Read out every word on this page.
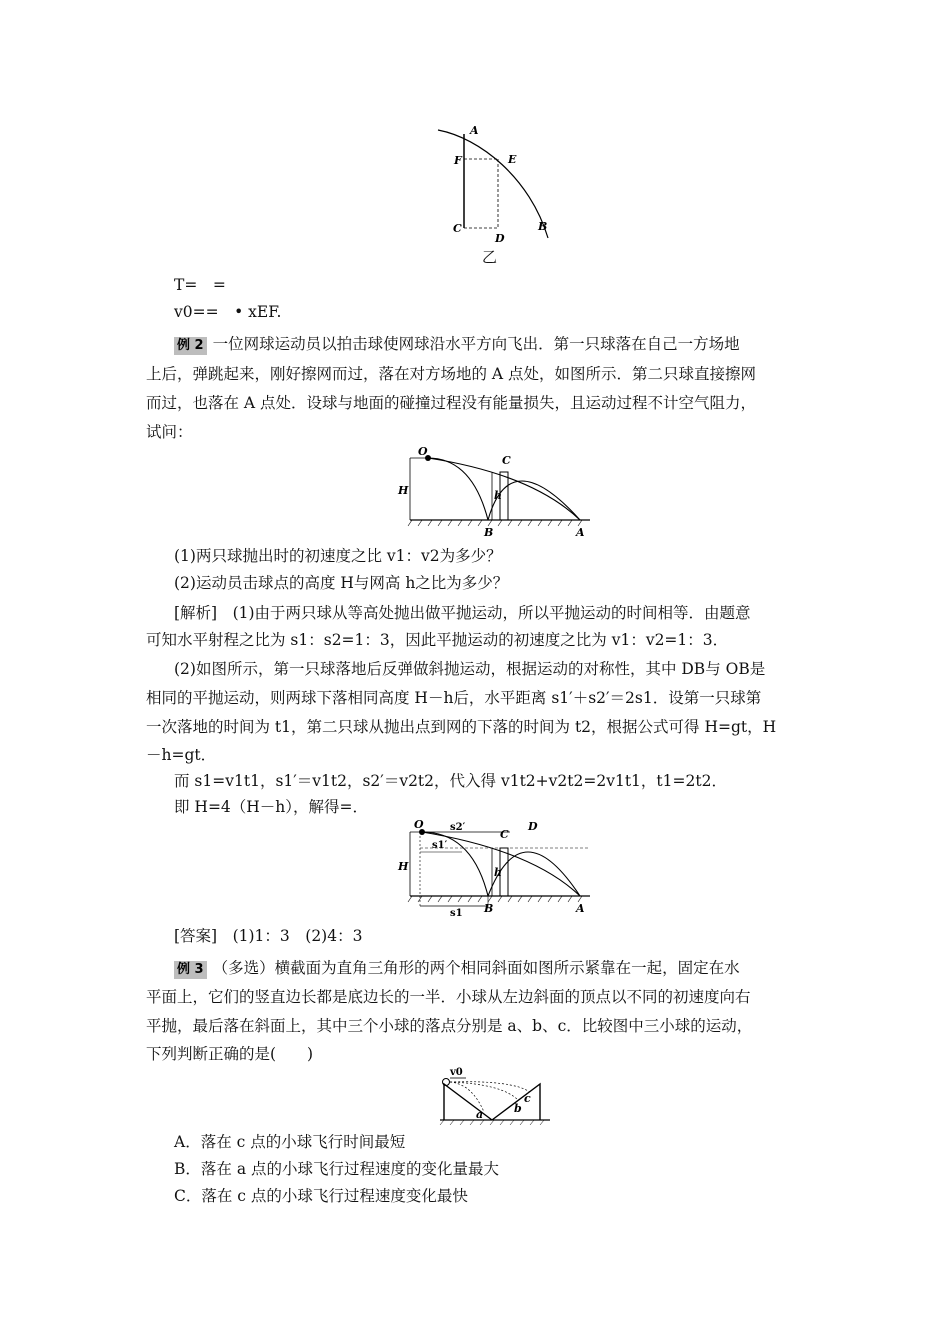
A
F	E
C
D
B
乙
T=　=
v0==　• xEF.
例 2 一位网球运动员以拍击球使网球沿水平方向飞出．第一只球落在自己一方场地
上后，弹跳起来，刚好擦网而过，落在对方场地的 A 点处，如图所示．第二只球直接擦网
而过，也落在 A 点处．设球与地面的碰撞过程没有能量损失，且运动过程不计空气阻力，
试问：
O
C
H	h
B	A
(1)两只球抛出时的初速度之比 v1：v2为多少？
(2)运动员击球点的高度 H与网高 h之比为多少？
[解析]　(1)由于两只球从等高处抛出做平抛运动，所以平抛运动的时间相等．由题意
可知水平射程之比为 s1：s2=1：3，因此平抛运动的初速度之比为 v1：v2=1：3．
(2)如图所示，第一只球落地后反弹做斜抛运动，根据运动的对称性，其中 DB与 OB是
相同的平抛运动，则两球下落相同高度 H－h后，水平距离 s1′＋s2′＝2s1．设第一只球第
一次落地的时间为 t1，第二只球从抛出点到网的下落的时间为 t2，根据公式可得 H=gt，H
－h=gt．
而 s1=v1t1，s1′＝v1t2，s2′＝v2t2，代入得 v1t2+v2t2=2v1t1，t1=2t2．
即 H=4（H－h），解得=．
O	s2′
C
D
s1′
H	h
s1 B	A
[答案]　(1)1：3　(2)4：3
例 3 （多选）横截面为直角三角形的两个相同斜面如图所示紧靠在一起，固定在水
平面上，它们的竖直边长都是底边长的一半．小球从左边斜面的顶点以不同的初速度向右
平抛，最后落在斜面上，其中三个小球的落点分别是 a、b、c．比较图中三小球的运动，
下列判断正确的是(　　)
v0
a	b
c
A．落在 c 点的小球飞行时间最短
B．落在 a 点的小球飞行过程速度的变化量最大
C．落在 c 点的小球飞行过程速度变化最快
